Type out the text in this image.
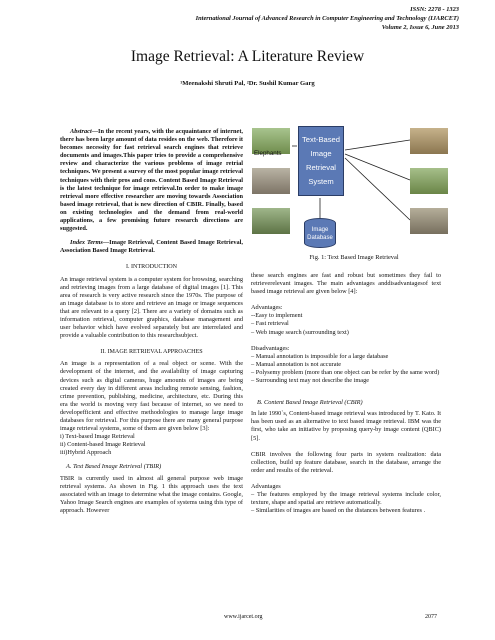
ISSN: 2278 - 1323
International Journal of Advanced Research in Computer Engineering and Technology (IJARCET)
Volume 2, Issue 6, June 2013
Image Retrieval: A Literature Review
¹Meenakshi Shruti Pal, ²Dr. Sushil Kumar Garg

Abstract—In the recent years, with the acquaintance of internet, there has been large amount of data resides on the web. Therefore it becomes necessity for fast retrieval search engines that retrieve documents and images.This paper tries to provide a comprehensive review and characterize the various problems of image retrial techniques. We present a survey of the most popular image retrieval techniques with their pros and cons. Content Based Image Retrieval is the latest technique for image retrieval.In order to make image retrieval more effective researcher are moving towards Association based image retrieval, that is new direction of CBIR. Finally, based on existing technologies and the demand from real-world applications, a few promising future research directions are suggested.

Index Terms—Image Retrieval, Content Based Image Retrieval, Association Based Image Retrieval.

I. INTRODUCTION

An image retrieval system is a computer system for browsing, searching and retrieving images from a large database of digital images [1]. This area of research is very active research since the 1970s. The purpose of an image database is to store and retrieve an image or image sequences that are relevant to a query [2]. There are a variety of domains such as information retrieval, computer graphics, database management and user behavior which have evolved separately but are interrelated and provide a valuable contribution to this researchsubject.

II. IMAGE RETRIEVAL APPROACHES

An image is a representation of a real object or scene. With the development of the internet, and the availability of image capturing devices such as digital cameras, huge amounts of images are being created every day in different areas including remote sensing, fashion, crime prevention, publishing, medicine, architecture, etc. During this era the world is moving very fast because of internet, so we need to developefficient and effective methodologies to manage large image databases for retrieval. For this purpose there are many general purpose image retrieval systems, some of them are given below [3]:

i) Text-based Image Retrieval

ii) Content-based Image Retrieval

iii)Hybrid Approach

A. Text Based Image Retrieval (TBIR)

TBIR is currently used in almost all general purpose web image retrieval systems. As shown in Fig. 1 this approach uses the text associated with an image to determine what the image contains. Google, Yahoo Image Search engines are examples of systems using this type of approach. However

Elephants
Text-Based
Image
Retrieval
System
Image
Database
Fig. 1: Text Based Image Retrieval

these search engines are fast and robust but sometimes they fail to retrieverelevant images. The main advantages anddisadvantagesof text based image retrieval are given below [4]:

Advantages:

--Easy to implement

– Fast retrieval

– Web image search (surrounding text)

Disadvantages:

– Manual annotation is impossible for a large database

– Manual annotation is not accurate

– Polysemy problem (more than one object can be refer by the same word)

– Surrounding text may not describe the image

B. Content Based Image Retrieval (CBIR)

In late 1990`s, Content-based image retrieval was introduced by T. Kato. It has been used as an alternative to text based image retrieval. IBM was the first, who take an initiative by proposing query-by image content (QBIC) [5].

CBIR involves the following four parts in system realization: data collection, build up feature database, search in the database, arrange the order and results of the retrieval.

Advantages

– The features employed by the image retrieval systems include color, texture, shape and spatial are retrieve automatically.

– Similarities of images are based on the distances between features .

www.ijarcet.org	2077
